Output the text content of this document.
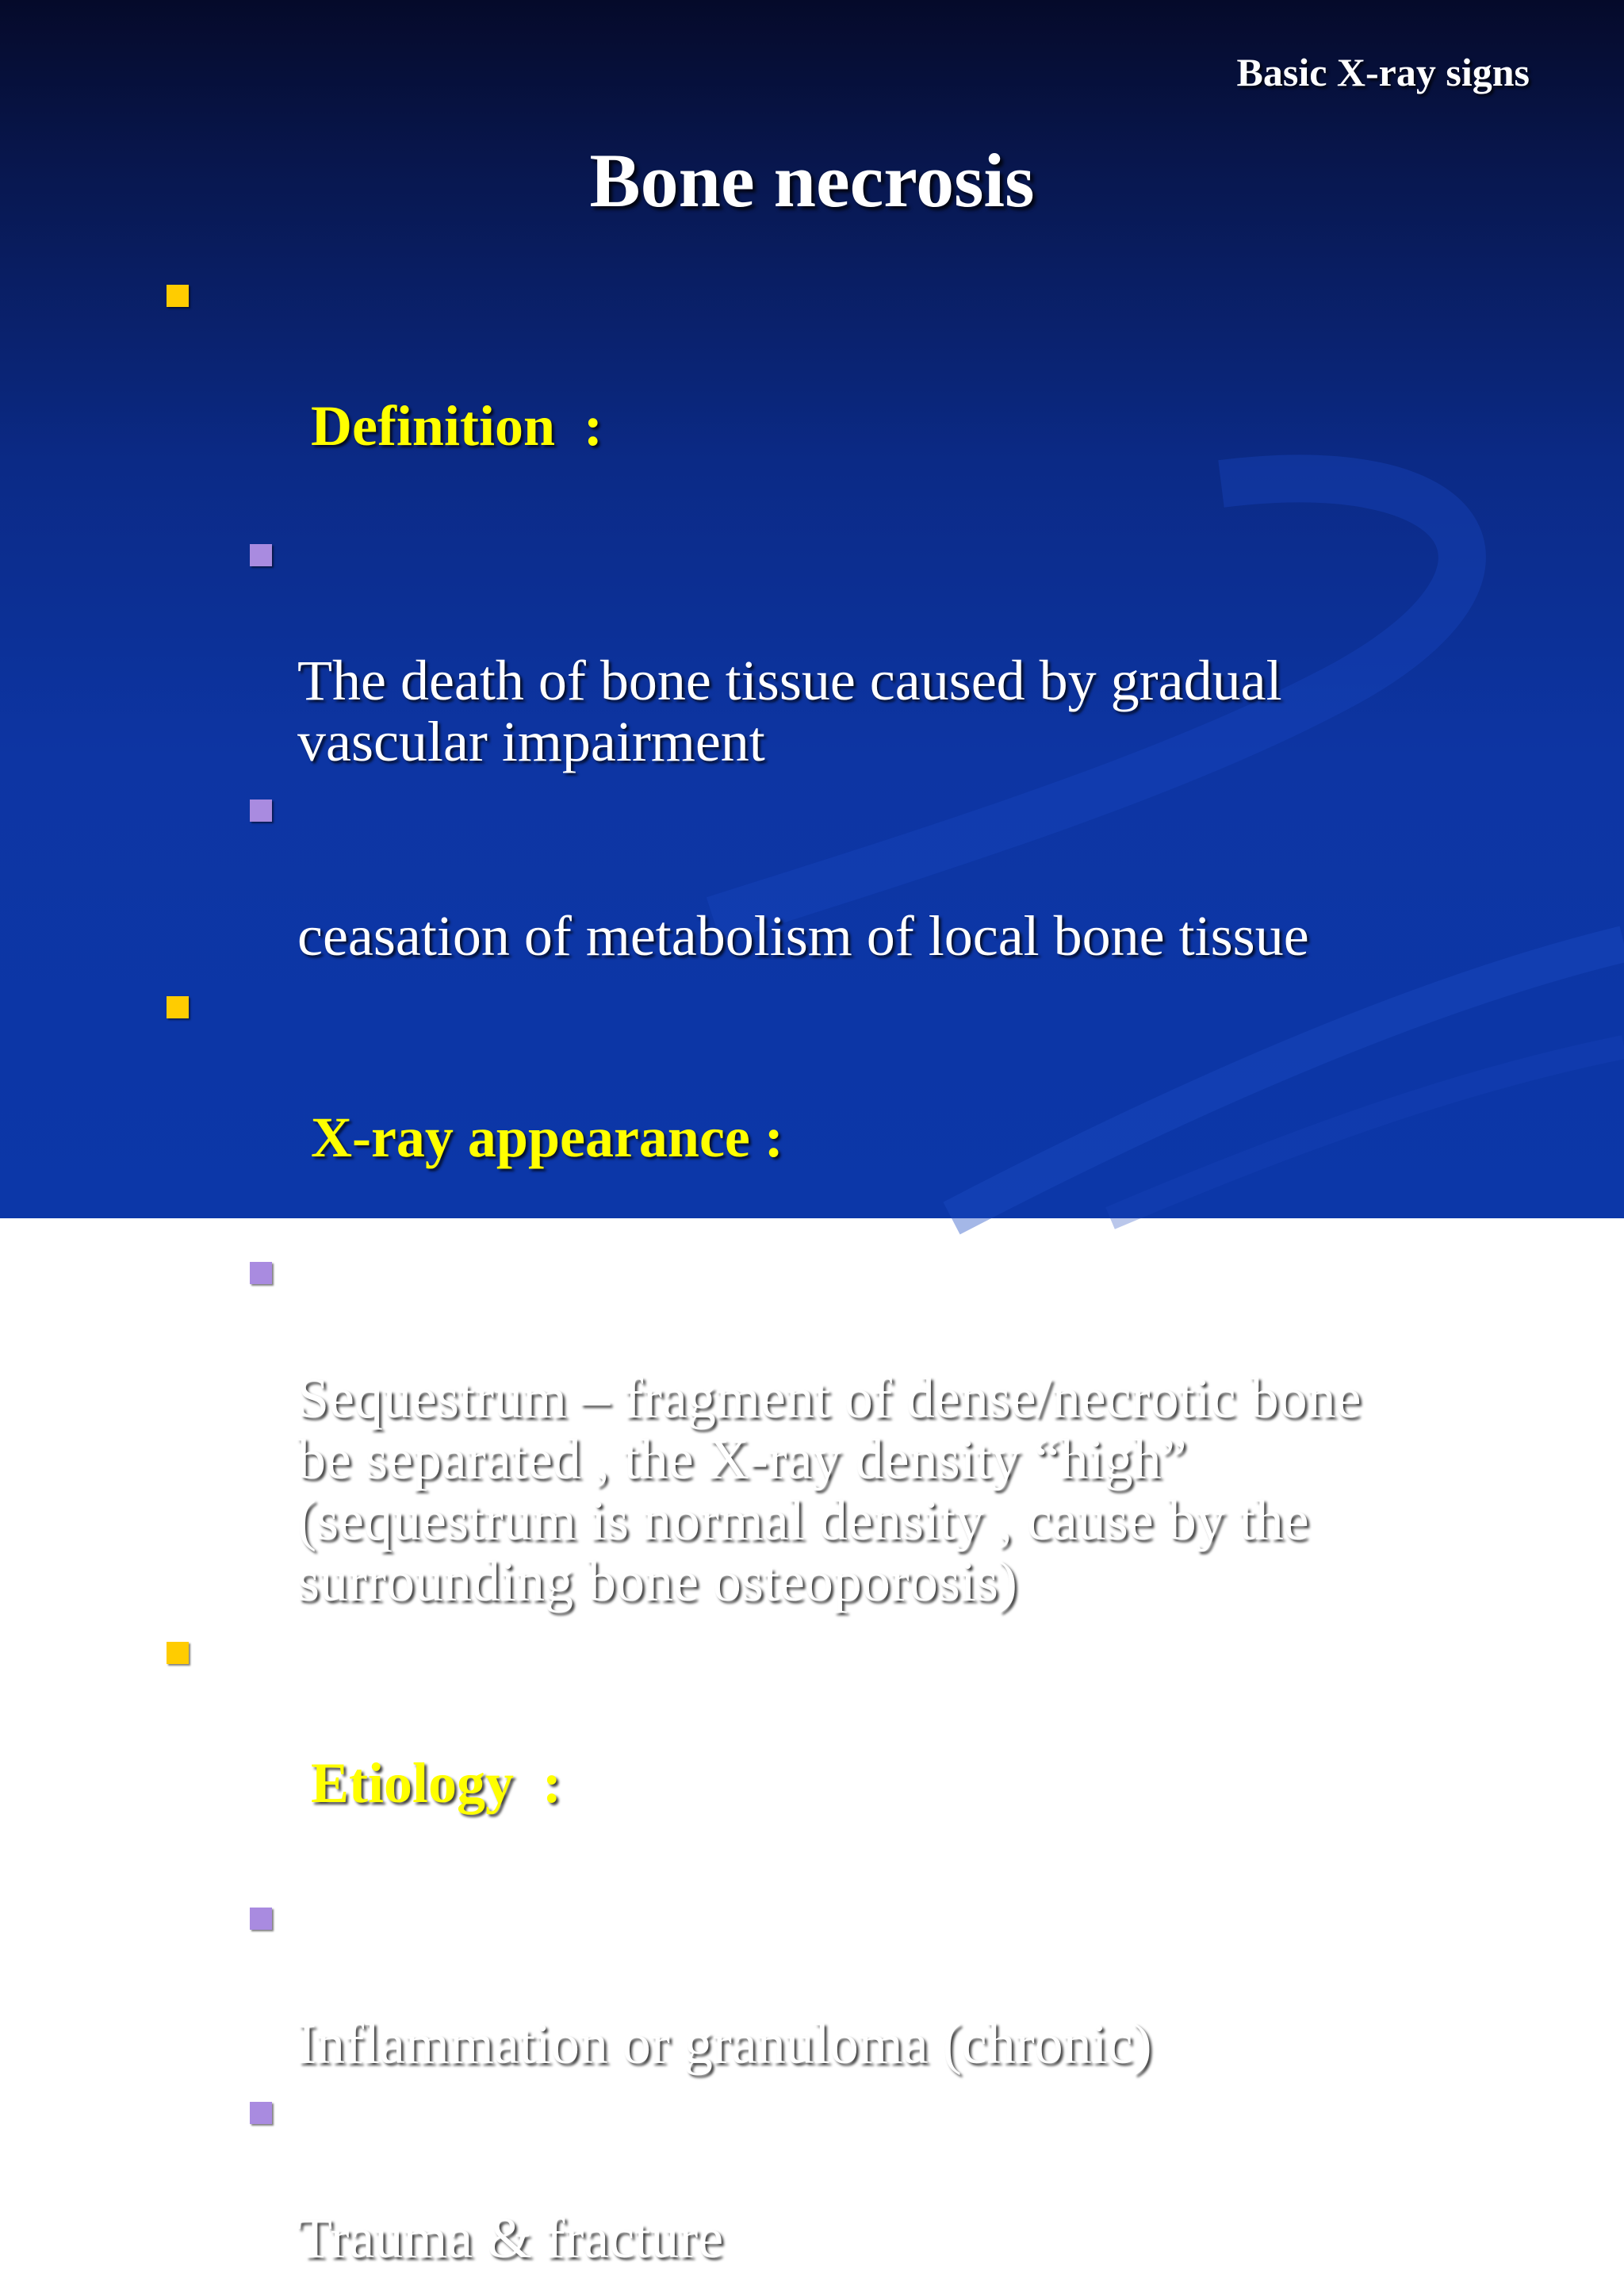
Basic X-ray signs
Bone necrosis

Definition  :

The death of bone tissue caused by gradual
vascular impairment

ceasation of metabolism of local bone tissue

X-ray appearance :

Sequestrum – fragment of dense/necrotic bone
be separated , the X-ray density “high”
(sequestrum is normal density , cause by the
surrounding bone osteoporosis)

Etiology  :

Inflammation or granuloma (chronic)

Trauma & fracture
